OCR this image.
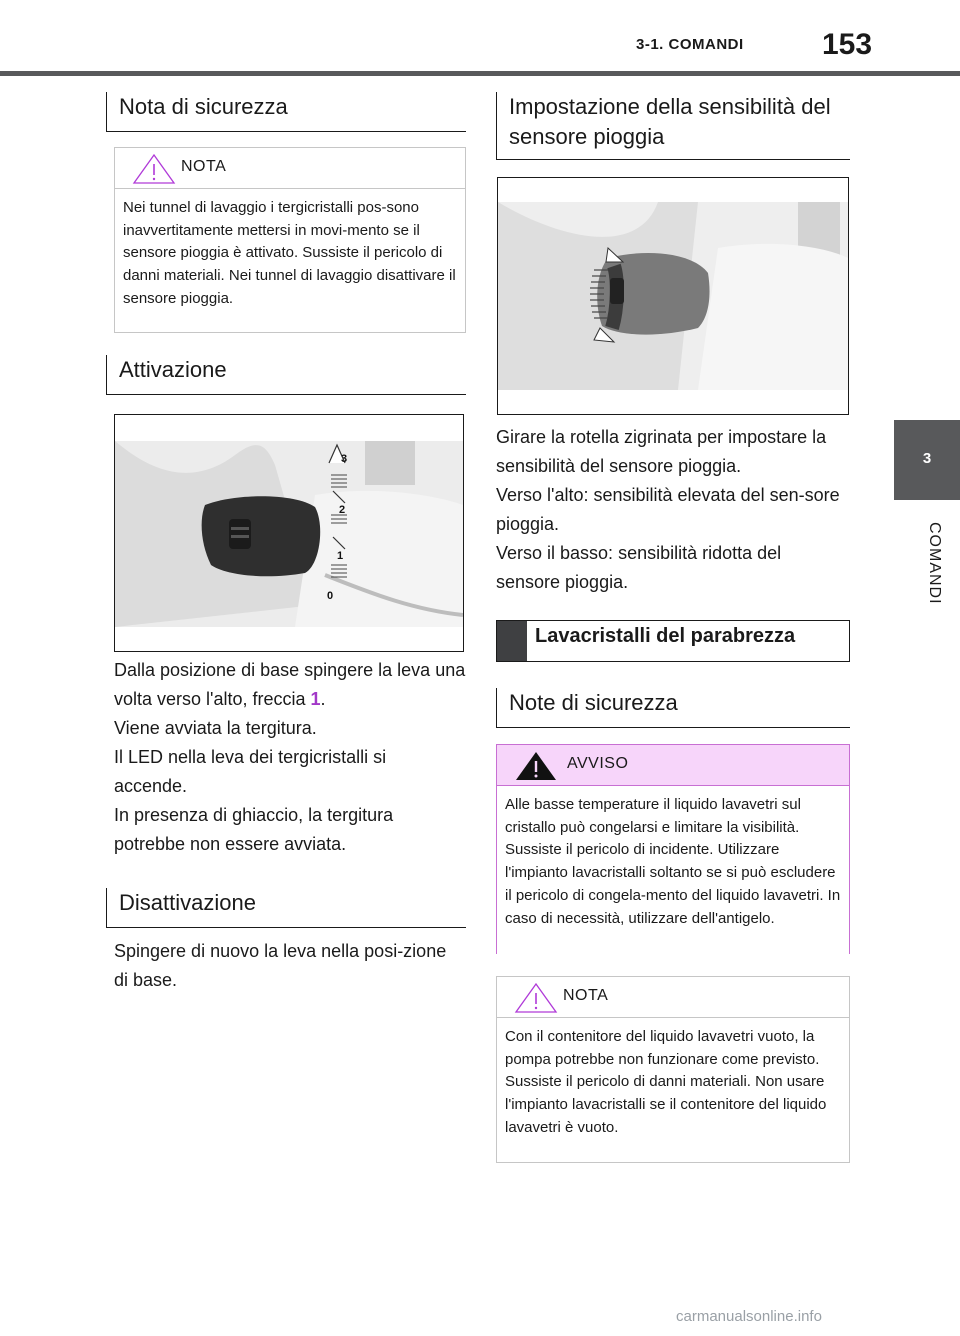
3-1. COMANDI	153
3
COMANDI
Nota di sicurezza
NOTA
Nei tunnel di lavaggio i tergicristalli pos-sono inavvertitamente mettersi in movi-mento se il sensore pioggia è attivato. Sussiste il pericolo di danni materiali. Nei tunnel di lavaggio disattivare il sensore pioggia.
Attivazione
3
2
1
0
Dalla posizione di base spingere la leva una volta verso l'alto, freccia 1.
Viene avviata la tergitura.
Il LED nella leva dei tergicristalli si accende.
In presenza di ghiaccio, la tergitura potrebbe non essere avviata.
Disattivazione
Spingere di nuovo la leva nella posi-zione di base.
Impostazione della sensibilità del sensore pioggia
Girare la rotella zigrinata per impostare la sensibilità del sensore pioggia.
Verso l'alto: sensibilità elevata del sen-sore pioggia.
Verso il basso: sensibilità ridotta del sensore pioggia.
Lavacristalli del parabrezza
Note di sicurezza
AVVISO
Alle basse temperature il liquido lavavetri sul cristallo può congelarsi e limitare la visibilità. Sussiste il pericolo di incidente. Utilizzare l'impianto lavacristalli soltanto se si può escludere il pericolo di congela-mento del liquido lavavetri. In caso di necessità, utilizzare dell'antigelo.
NOTA
Con il contenitore del liquido lavavetri vuoto, la pompa potrebbe non funzionare come previsto. Sussiste il pericolo di danni materiali. Non usare l'impianto lavacristalli se il contenitore del liquido lavavetri è vuoto.
carmanualsonline.info
